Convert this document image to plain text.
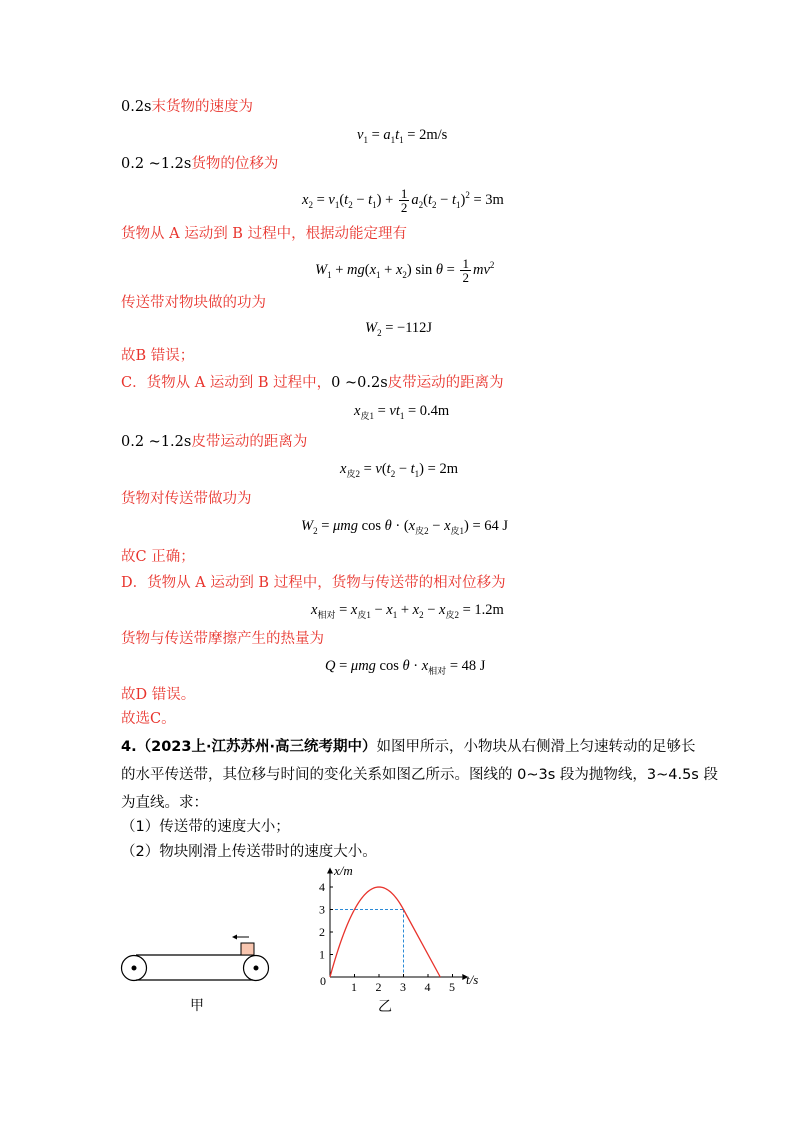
0.2s末货物的速度为
$v_1 = a_1t_1 = 2m/s$
0.2 ~1.2s货物的位移为
$x_2 = v_1(t_2 - t_1) + \frac{1}{2} a_2(t_2 - t_1)^2 = 3m$
货物从 A 运动到 B 过程中，根据动能定理有
$W_1 + mg(x_1 + x_2)$ $\sin \theta = \frac{1}{2} mv^2$
传送带对物块做的功为
$W_2 = -112J$
故B 错误；
C．货物从 A 运动到 B 过程中，0 ~0.2s皮带运动的距离为
$x_{皮1} = vt_1 = 0.4m$
0.2 ~1.2s皮带运动的距离为
$x_{皮2} = v(t_2 - t_1) = 2m$
货物对传送带做功为
$W_2 = \mu mg$ $\cos \theta \cdot (x_{皮2} - x_{皮1}) = 64$ J
故C 正确；
D．货物从 A 运动到 B 过程中，货物与传送带的相对位移为
$x_{相对} = x_{皮1} - x_1 + x_2 - x_{皮2} = 1.2m$
货物与传送带摩擦产生的热量为
Q = μmg $\cos \theta \cdot x_{相对} = 48$ J
故D 错误。
故选C。
4.（2023上·江苏苏州·高三统考期中）如图甲所示，小物块从右侧滑上匀速转动的足够长
的水平传送带，其位移与时间的变化关系如图乙所示。图线的 0~3s 段为抛物线，3~4.5s 段
为直线。求：
（1）传送带的速度大小；
（2）物块刚滑上传送带时的速度大小。
甲
1 2 3 4 5
1
2
3
4
x/m
t/s
0
乙
